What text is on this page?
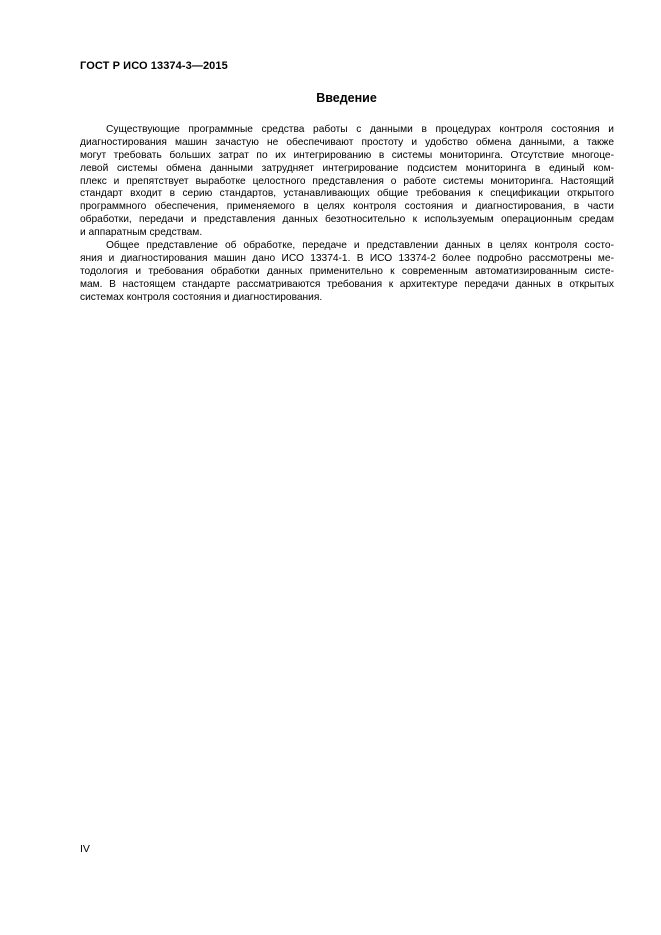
ГОСТ Р ИСО 13374-3—2015
Введение
Существующие программные средства работы с данными в процедурах контроля состояния и
диагностирования машин зачастую не обеспечивают простоту и удобство обмена данными, а также
могут требовать больших затрат по их интегрированию в системы мониторинга. Отсутствие многоце-
левой системы обмена данными затрудняет интегрирование подсистем мониторинга в единый ком-
плекс и препятствует выработке целостного представления о работе системы мониторинга. Настоящий
стандарт входит в серию стандартов, устанавливающих общие требования к спецификации открытого
программного обеспечения, применяемого в целях контроля состояния и диагностирования, в части
обработки, передачи и представления данных безотносительно к используемым операционным средам
и аппаратным средствам.
Общее представление об обработке, передаче и представлении данных в целях контроля состо-
яния и диагностирования машин дано ИСО 13374-1. В ИСО 13374-2 более подробно рассмотрены ме-
тодология и требования обработки данных применительно к современным автоматизированным систе-
мам. В настоящем стандарте рассматриваются требования к архитектуре передачи данных в открытых
системах контроля состояния и диагностирования.
IV
